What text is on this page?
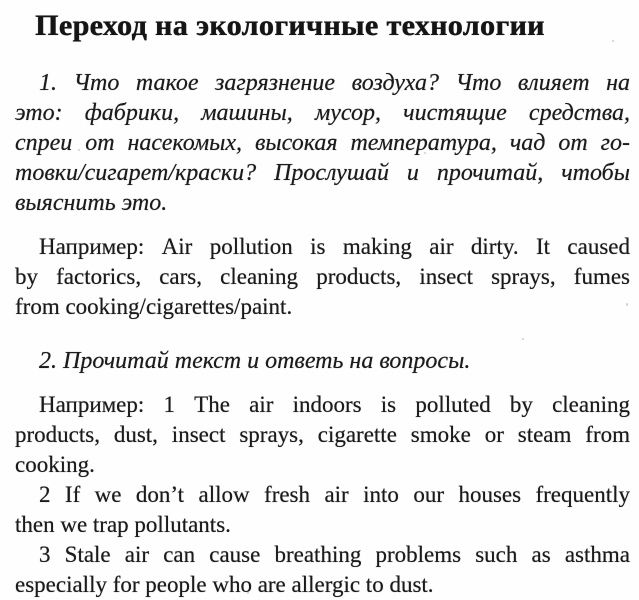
Переход на экологичные технологии
1. Что такое загрязнение воздуха? Что влияет на
это: фабрики, машины, мусор, чистящие средства,
спреи от насекомых, высокая температура, чад от го-
товки/сигарет/краски? Прослушай и прочитай, чтобы
выяснить это.
Например: Air pollution is making air dirty. It caused
by factorics, cars, cleaning products, insect sprays, fumes
from cooking/cigarettes/paint.
2. Прочитай текст и ответь на вопросы.
Например: 1 The air indoors is polluted by cleaning
products, dust, insect sprays, cigarette smoke or steam from
cooking.
2 If we don’t allow fresh air into our houses frequently
then we trap pollutants.
3 Stale air can cause breathing problems such as asthma
especially for people who are allergic to dust.
